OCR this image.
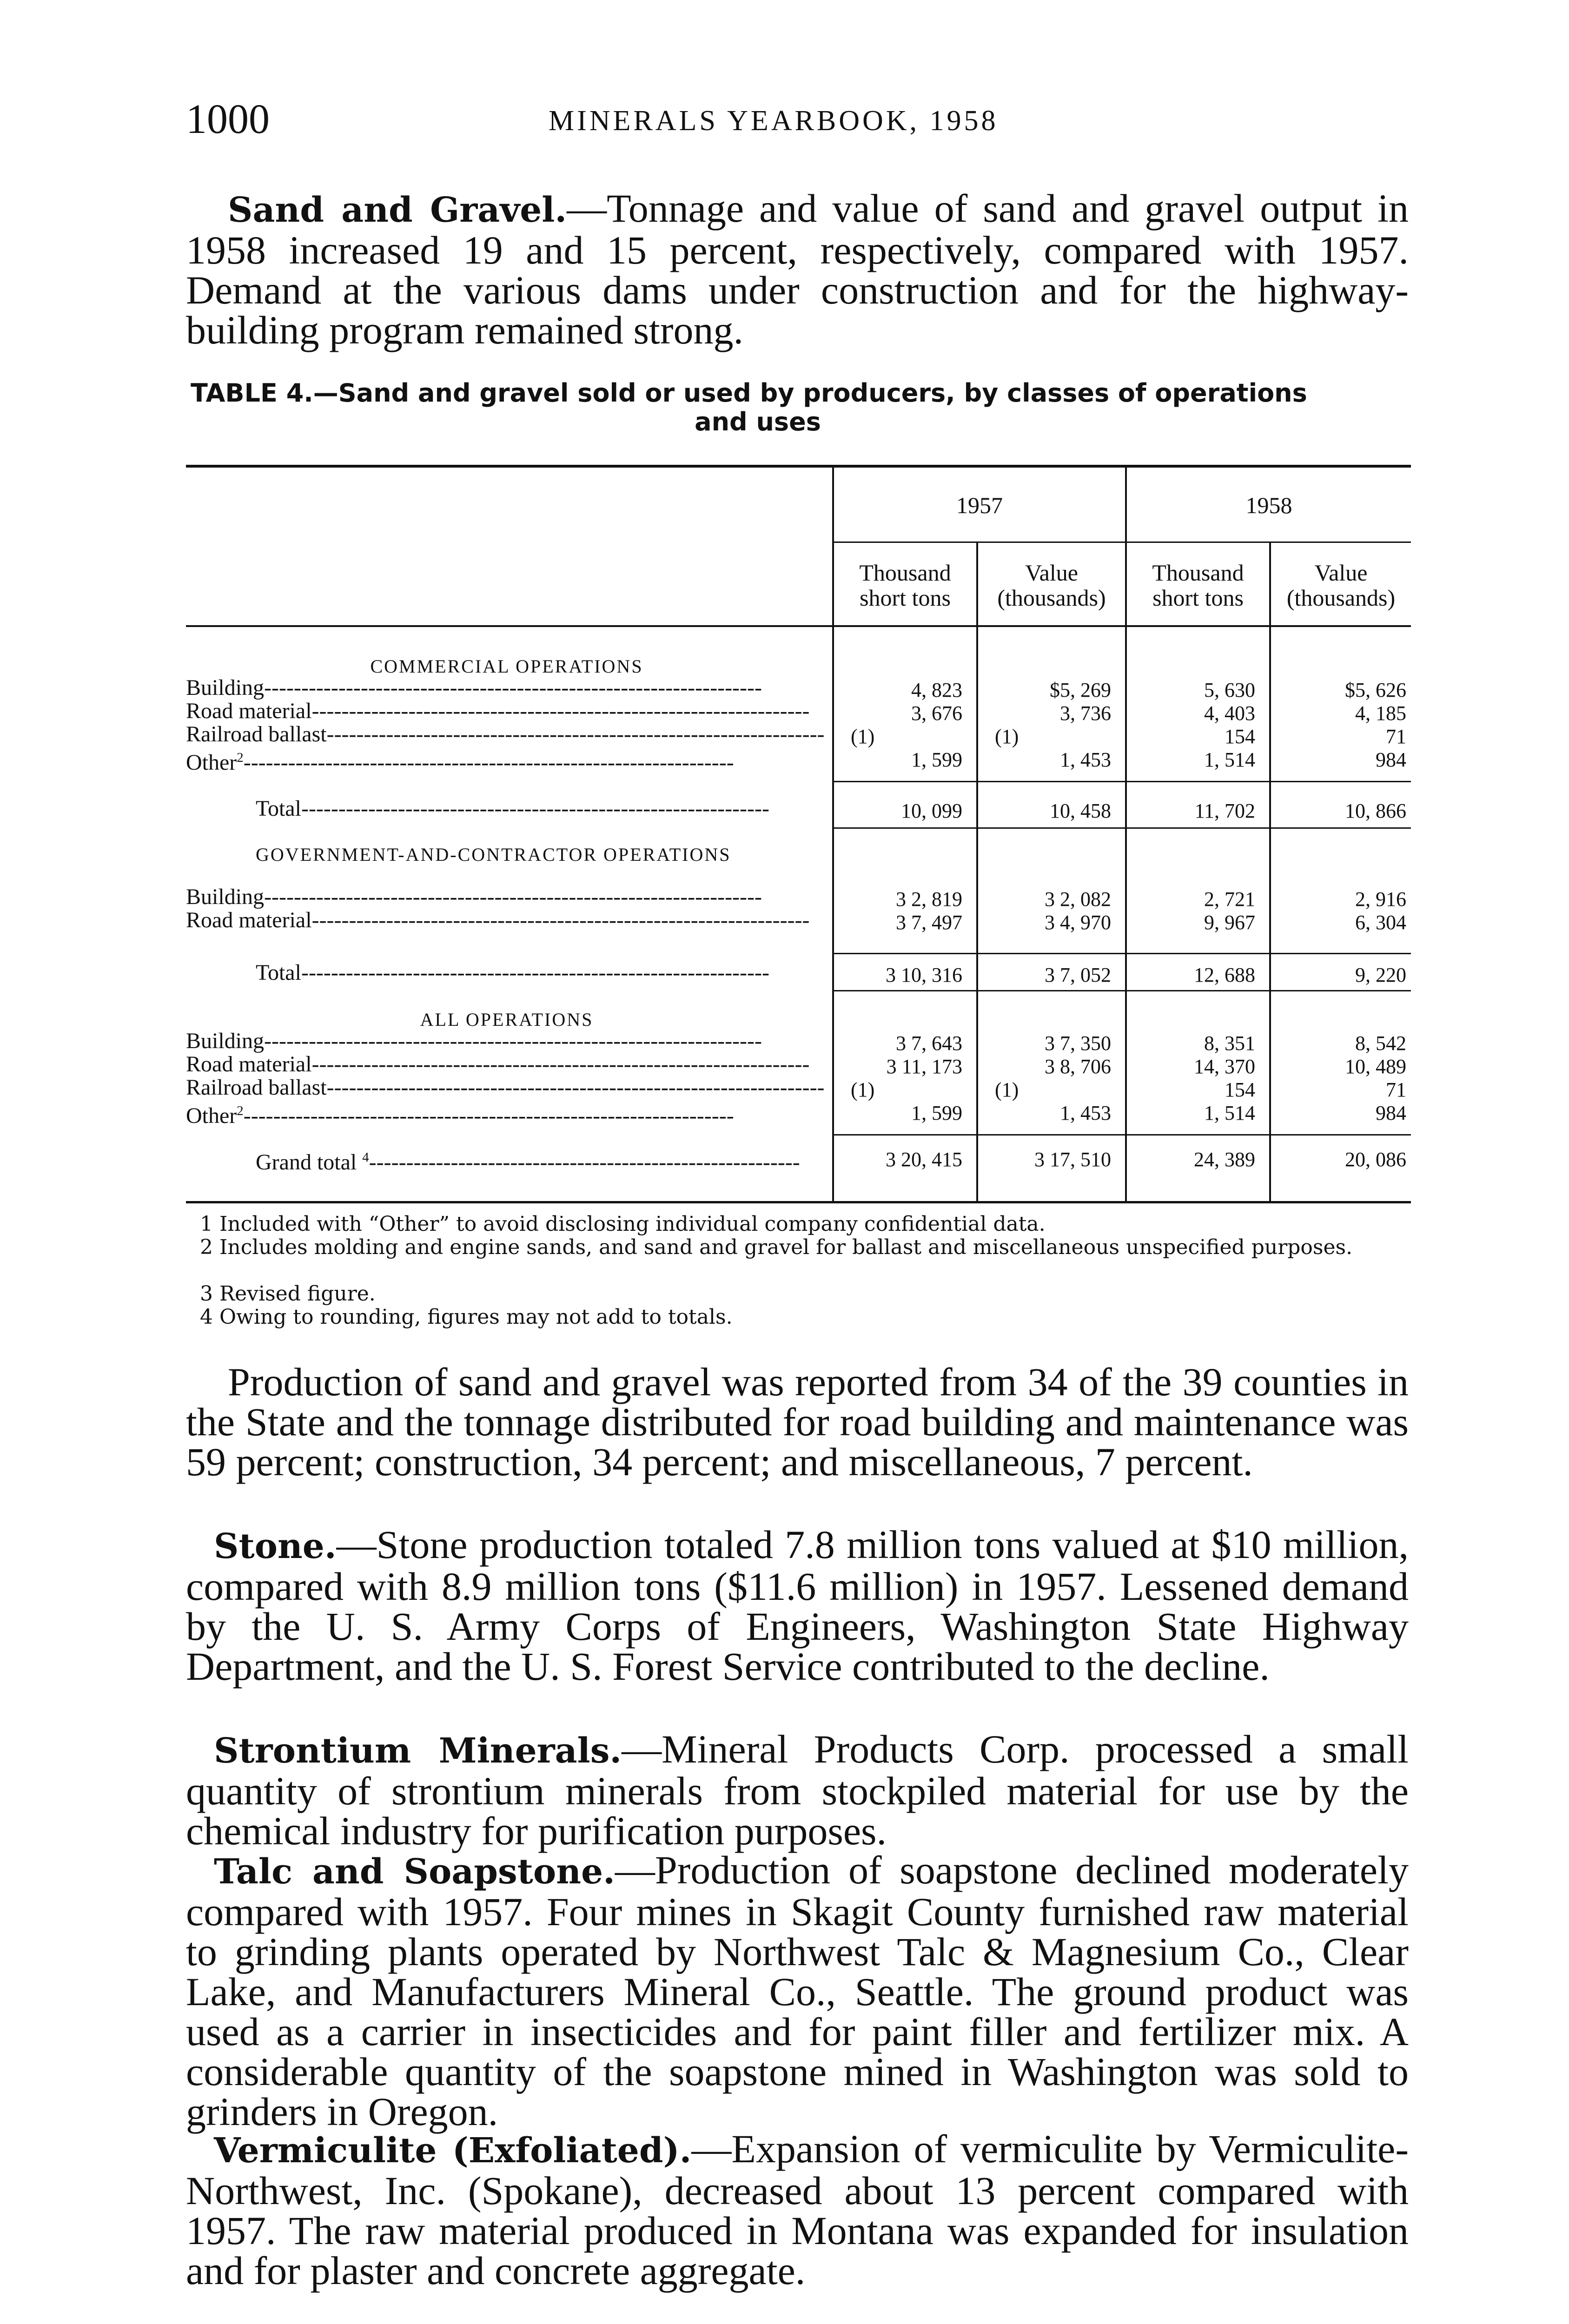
1000	MINERALS YEARBOOK, 1958
Sand and Gravel.—Tonnage and value of sand and gravel output in 1958 increased 19 and 15 percent, respectively, compared with 1957. Demand at the various dams under construction and for the highway-building program remained strong.
TABLE 4.—Sand and gravel sold or used by producers, by classes of operations
and uses
1957	1958
Thousand short tons
Value (thousands)
Thousand short tons
Value (thousands)
COMMERCIAL OPERATIONS
Building-------------------------------------------------------------------	4, 823	$5, 269	5, 630	$5, 626
Road material-------------------------------------------------------------------	3, 676	3, 736	4, 403	4, 185
Railroad ballast-------------------------------------------------------------------	(1)	(1)	154	71
Other$^2$------------------------------------------------------------------	1, 599	1, 453	1, 514	984
Total---------------------------------------------------------------	10, 099	10, 458	11, 702	10, 866
GOVERNMENT-AND-CONTRACTOR OPERATIONS
Building-------------------------------------------------------------------	3 2, 819	3 2, 082	2, 721	2, 916
Road material-------------------------------------------------------------------	3 7, 497	3 4, 970	9, 967	6, 304
Total---------------------------------------------------------------	3 10, 316	3 7, 052	12, 688	9, 220
ALL OPERATIONS
Building-------------------------------------------------------------------	3 7, 643	3 7, 350	8, 351	8, 542
Road material-------------------------------------------------------------------	3 11, 173	3 8, 706	14, 370	10, 489
Railroad ballast-------------------------------------------------------------------	(1)	(1)	154	71
Other$^2$------------------------------------------------------------------	1, 599	1, 453	1, 514	984
Grand total $^4$----------------------------------------------------------	3 20, 415	3 17, 510	24, 389	20, 086
1 Included with “Other” to avoid disclosing individual company confidential data.
2 Includes molding and engine sands, and sand and gravel for ballast and miscellaneous unspecified purposes.
3 Revised figure.
4 Owing to rounding, figures may not add to totals.
Production of sand and gravel was reported from 34 of the 39 counties in the State and the tonnage distributed for road building and maintenance was 59 percent; construction, 34 percent; and miscellaneous, 7 percent.
Stone.—Stone production totaled 7.8 million tons valued at $10 million, compared with 8.9 million tons ($11.6 million) in 1957. Lessened demand by the U. S. Army Corps of Engineers, Washington State Highway Department, and the U. S. Forest Service contributed to the decline.
Strontium Minerals.—Mineral Products Corp. processed a small quantity of strontium minerals from stockpiled material for use by the chemical industry for purification purposes.
Talc and Soapstone.—Production of soapstone declined moderately compared with 1957. Four mines in Skagit County furnished raw material to grinding plants operated by Northwest Talc & Magnesium Co., Clear Lake, and Manufacturers Mineral Co., Seattle. The ground product was used as a carrier in insecticides and for paint filler and fertilizer mix. A considerable quantity of the soapstone mined in Washington was sold to grinders in Oregon.
Vermiculite (Exfoliated).—Expansion of vermiculite by Vermiculite-Northwest, Inc. (Spokane), decreased about 13 percent compared with 1957. The raw material produced in Montana was expanded for insulation and for plaster and concrete aggregate.
